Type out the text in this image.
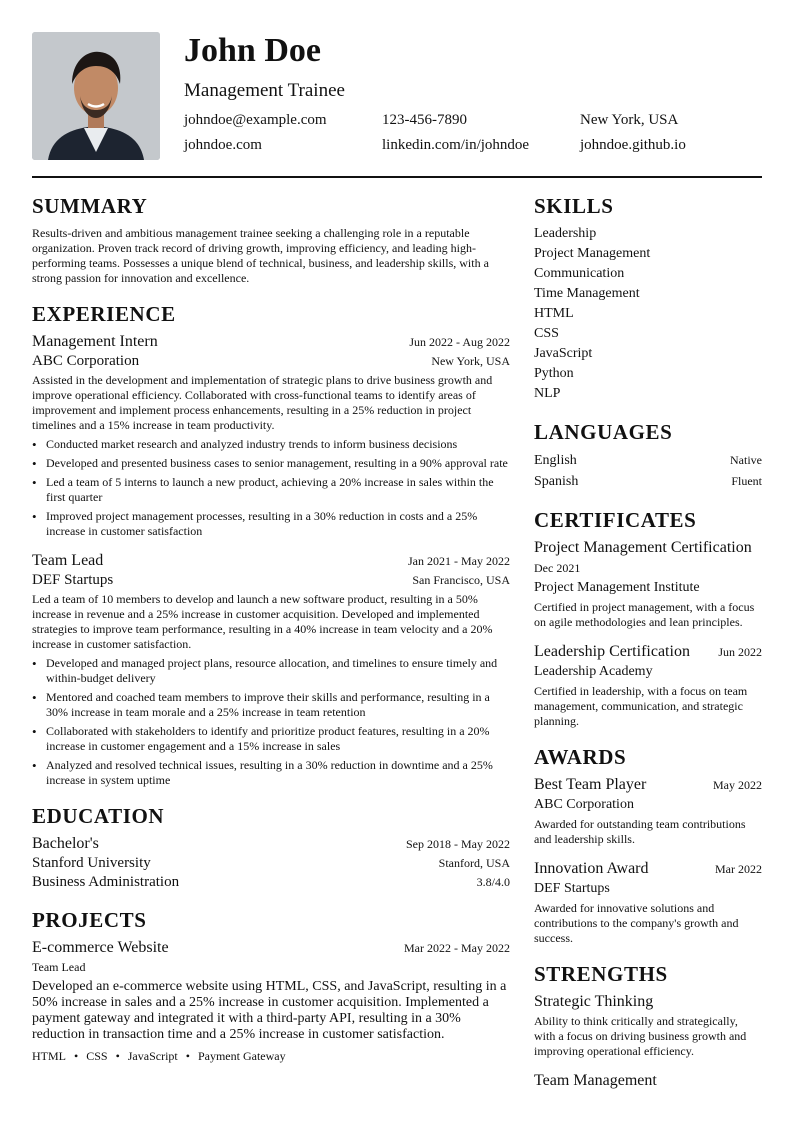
John Doe
Management Trainee
johndoe@example.com	123-456-7890	New York, USA
johndoe.com	linkedin.com/in/johndoe	johndoe.github.io
SUMMARY
Results-driven and ambitious management trainee seeking a challenging role in a reputable organization. Proven track record of driving growth, improving efficiency, and leading high-performing teams. Possesses a unique blend of technical, business, and leadership skills, with a strong passion for innovation and excellence.
EXPERIENCE
Management Intern	Jun 2022 - Aug 2022
ABC Corporation	New York, USA
Assisted in the development and implementation of strategic plans to drive business growth and improve operational efficiency. Collaborated with cross-functional teams to identify areas of improvement and implement process enhancements, resulting in a 25% reduction in project timelines and a 15% increase in team productivity.
• Conducted market research and analyzed industry trends to inform business decisions
• Developed and presented business cases to senior management, resulting in a 90% approval rate
• Led a team of 5 interns to launch a new product, achieving a 20% increase in sales within the first quarter
• Improved project management processes, resulting in a 30% reduction in costs and a 25% increase in customer satisfaction
Team Lead	Jan 2021 - May 2022
DEF Startups	San Francisco, USA
Led a team of 10 members to develop and launch a new software product, resulting in a 50% increase in revenue and a 25% increase in customer acquisition. Developed and implemented strategies to improve team performance, resulting in a 40% increase in team velocity and a 20% increase in customer satisfaction.
• Developed and managed project plans, resource allocation, and timelines to ensure timely and within-budget delivery
• Mentored and coached team members to improve their skills and performance, resulting in a 30% increase in team morale and a 25% increase in team retention
• Collaborated with stakeholders to identify and prioritize product features, resulting in a 20% increase in customer engagement and a 15% increase in sales
• Analyzed and resolved technical issues, resulting in a 30% reduction in downtime and a 25% increase in system uptime
EDUCATION
Bachelor's	Sep 2018 - May 2022
Stanford University	Stanford, USA
Business Administration	3.8/4.0
PROJECTS
E-commerce Website	Mar 2022 - May 2022
Team Lead
Developed an e-commerce website using HTML, CSS, and JavaScript, resulting in a 50% increase in sales and a 25% increase in customer acquisition. Implemented a payment gateway and integrated it with a third-party API, resulting in a 30% reduction in transaction time and a 25% increase in customer satisfaction.
HTML • CSS • JavaScript • Payment Gateway
SKILLS
Leadership
Project Management
Communication
Time Management
HTML
CSS
JavaScript
Python
NLP
LANGUAGES
English	Native
Spanish	Fluent
CERTIFICATES
Project Management Certification
Dec 2021
Project Management Institute
Certified in project management, with a focus on agile methodologies and lean principles.
Leadership Certification Jun 2022
Leadership Academy
Certified in leadership, with a focus on team management, communication, and strategic planning.
AWARDS
Best Team Player	May 2022
ABC Corporation
Awarded for outstanding team contributions and leadership skills.
Innovation Award	Mar 2022
DEF Startups
Awarded for innovative solutions and contributions to the company's growth and success.
STRENGTHS
Strategic Thinking
Ability to think critically and strategically, with a focus on driving business growth and improving operational efficiency.
Team Management
